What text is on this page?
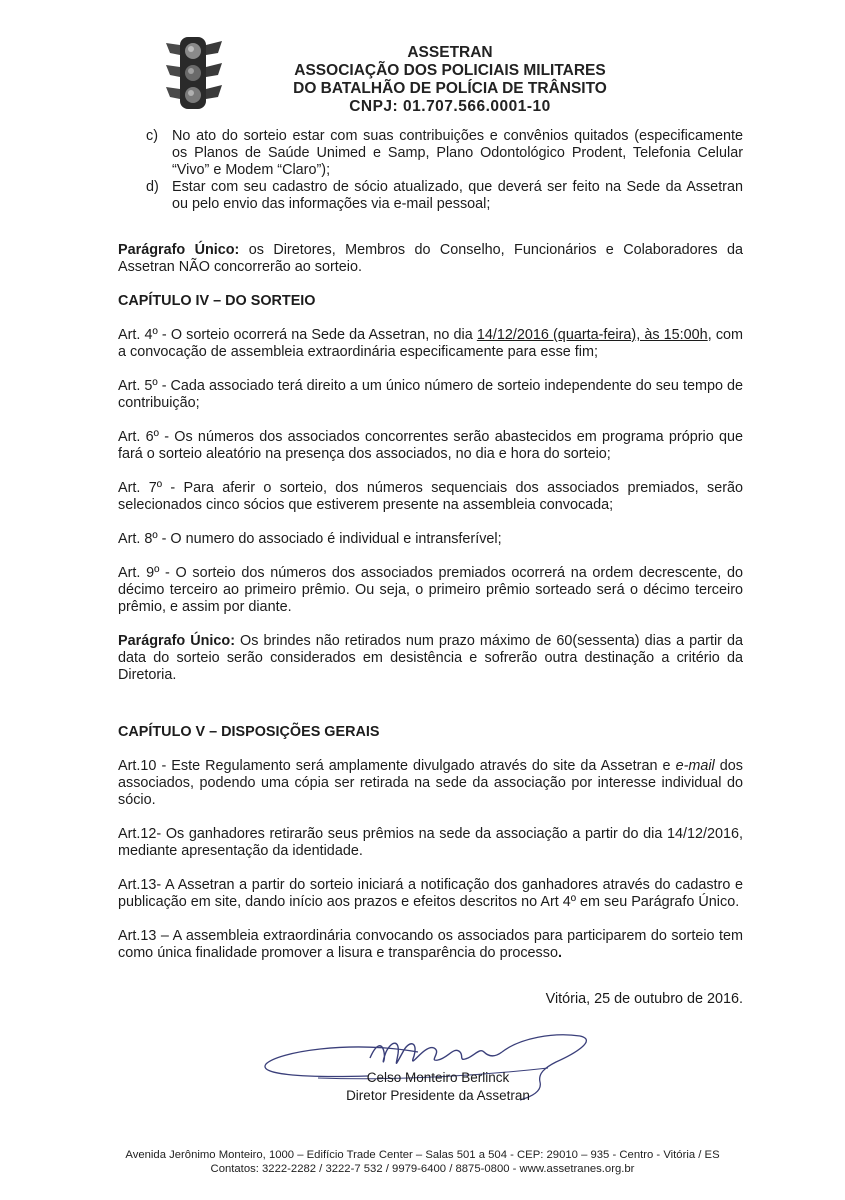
ASSETRAN
ASSOCIAÇÃO DOS POLICIAIS MILITARES
DO BATALHÃO DE POLÍCIA DE TRÂNSITO
CNPJ: 01.707.566.0001-10
c) No ato do sorteio estar com suas contribuições e convênios quitados (especificamente os Planos de Saúde Unimed e Samp, Plano Odontológico Prodent, Telefonia Celular “Vivo” e Modem “Claro”);
d) Estar com seu cadastro de sócio atualizado, que deverá ser feito na Sede da Assetran ou pelo envio das informações via e-mail pessoal;

Parágrafo Único: os Diretores, Membros do Conselho, Funcionários e Colaboradores da Assetran NÃO concorrerão ao sorteio.

CAPÍTULO IV – DO SORTEIO

Art. 4º - O sorteio ocorrerá na Sede da Assetran, no dia 14/12/2016 (quarta-feira), às 15:00h, com a convocação de assembleia extraordinária especificamente para esse fim;

Art. 5º - Cada associado terá direito a um único número de sorteio independente do seu tempo de contribuição;

Art. 6º - Os números dos associados concorrentes serão abastecidos em programa próprio que fará o sorteio aleatório na presença dos associados, no dia e hora do sorteio;

Art. 7º - Para aferir o sorteio, dos números sequenciais dos associados premiados, serão selecionados cinco sócios que estiverem presente na assembleia convocada;

Art. 8º - O numero do associado é individual e intransferível;

Art. 9º - O sorteio dos números dos associados premiados ocorrerá na ordem decrescente, do décimo terceiro ao primeiro prêmio. Ou seja, o primeiro prêmio sorteado será o décimo terceiro prêmio, e assim por diante.

Parágrafo Único: Os brindes não retirados num prazo máximo de 60(sessenta) dias a partir da data do sorteio serão considerados em desistência e sofrerão outra destinação a critério da Diretoria.

CAPÍTULO V – DISPOSIÇÕES GERAIS

Art.10 - Este Regulamento será amplamente divulgado através do site da Assetran e e-mail dos associados, podendo uma cópia ser retirada na sede da associação por interesse individual do sócio.

Art.12- Os ganhadores retirarão seus prêmios na sede da associação a partir do dia 14/12/2016, mediante apresentação da identidade.

Art.13- A Assetran a partir do sorteio iniciará a notificação dos ganhadores através do cadastro e publicação em site, dando início aos prazos e efeitos descritos no Art 4º em seu Parágrafo Único.

Art.13 – A assembleia extraordinária convocando os associados para participarem do sorteio tem como única finalidade promover a lisura e transparência do processo.

Vitória, 25 de outubro de 2016.
Celso Monteiro Berlinck
Diretor Presidente da Assetran
Avenida Jerônimo Monteiro, 1000 – Edifício Trade Center – Salas 501 a 504 - CEP: 29010 – 935 - Centro - Vitória / ES
Contatos: 3222-2282 / 3222-7 532 / 9979-6400 / 8875-0800 - www.assetranes.org.br
